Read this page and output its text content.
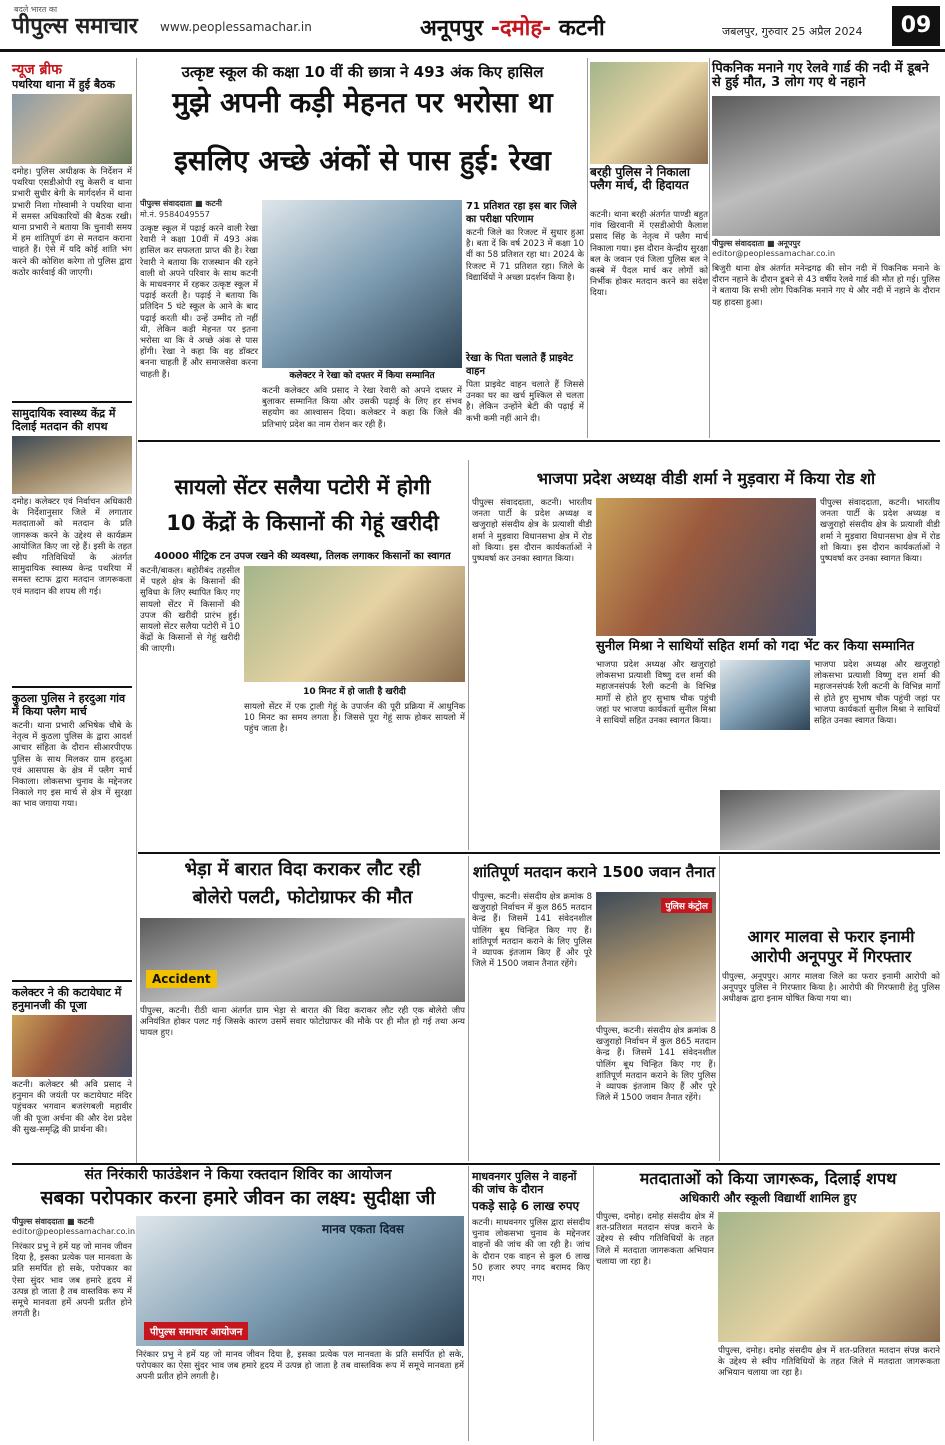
बदले भारत का
पीपुल्स समाचार www.peoplessamachar.in	अनूपपुर -दमोह- कटनी	जबलपुर, गुरुवार 25 अप्रैल 2024	09
न्यूज ब्रीफ
पथरिया थाना में हुई बैठक
दमोह। पुलिस अधीक्षक के निर्देशन में पथरिया एसडीओपी रघु केसरी व थाना प्रभारी सुधीर बेगी के मार्गदर्शन में थाना प्रभारी निशा गोस्वामी ने पथरिया थाना में समस्त अधिकारियों की बैठक रखी। थाना प्रभारी ने बताया कि चुनावी समय में हम शांतिपूर्ण ढंग से मतदान कराना चाहते हैं। ऐसे में यदि कोई शांति भंग करने की कोशिश करेगा तो पुलिस द्वारा कठोर कार्रवाई की जाएगी।
सामुदायिक स्वास्थ्य केंद्र में दिलाई मतदान की शपथ
दमोह। कलेक्टर एवं निर्वाचन अधिकारी के निर्देशानुसार जिले में लगातार मतदाताओं को मतदान के प्रति जागरूक करने के उद्देश्य से कार्यक्रम आयोजित किए जा रहे हैं। इसी के तहत स्वीप गतिविधियों के अंतर्गत सामुदायिक स्वास्थ्य केन्द्र पथरिया में समस्त स्टाफ द्वारा मतदान जागरूकता एवं मतदान की शपथ ली गई।
कुठला पुलिस ने हरदुआ गांव में किया फ्लैग मार्च
कटनी। थाना प्रभारी अभिषेक चौबे के नेतृत्व में कुठला पुलिस के द्वारा आदर्श आचार संहिता के दौरान सीआरपीएफ पुलिस के साथ मिलकर ग्राम हरदुआ एवं आसपास के क्षेत्र में फ्लैग मार्च निकाला। लोकसभा चुनाव के मद्देनजर निकाले गए इस मार्च से क्षेत्र में सुरक्षा का भाव जगाया गया।
कलेक्टर ने की कटायेघाट में हनुमानजी की पूजा
कटनी। कलेक्टर श्री अवि प्रसाद ने हनुमान की जयंती पर कटायेघाट मंदिर पहुंचकर भगवान बजरंगबली महावीर जी की पूजा अर्चना की और देश प्रदेश की सुख-समृद्धि की प्रार्थना की।
उत्कृष्ट स्कूल की कक्षा 10 वीं की छात्रा ने 493 अंक किए हासिल
मुझे अपनी कड़ी मेहनत पर भरोसा था
इसलिए अच्छे अंकों से पास हुई: रेखा
पीपुल्स संवाददाता ■ कटनी
मो.नं. 9584049557
उत्कृष्ट स्कूल में पढ़ाई करने वाली रेखा रेवारी ने कक्षा 10वीं में 493 अंक हासिल कर सफलता प्राप्त की है। रेखा रेवारी ने बताया कि राजस्थान की रहने वाली वो अपने परिवार के साथ कटनी के माधवनगर में रहकर उत्कृष्ट स्कूल में पढ़ाई करती है। पढ़ाई ने बताया कि प्रतिदिन 5 घंटे स्कूल के आने के बाद पढ़ाई करती थी। उन्हें उम्मीद तो नहीं थी, लेकिन कड़ी मेहनत पर इतना भरोसा था कि वे अच्छे अंक से पास होंगी। रेखा ने कहा कि वह डॉक्टर बनना चाहती हैं और समाजसेवा करना चाहती हैं।	कलेक्टर ने रेखा को दफ्तर में किया सम्मानित
कटनी कलेक्टर अवि प्रसाद ने रेखा रेवारी को अपने दफ्तर में बुलाकर सम्मानित किया और उसकी पढ़ाई के लिए हर संभव सहयोग का आश्वासन दिया। कलेक्टर ने कहा कि जिले की प्रतिभाएं प्रदेश का नाम रोशन कर रही हैं।
71 प्रतिशत रहा इस बार जिले का परीक्षा परिणाम
कटनी जिले का रिजल्ट में सुधार हुआ है। बता दें कि वर्ष 2023 में कक्षा 10 वीं का 58 प्रतिशत रहा था। 2024 के रिजल्ट में 71 प्रतिशत रहा। जिले के विद्यार्थियों ने अच्छा प्रदर्शन किया है।
रेखा के पिता चलाते हैं प्राइवेट वाहन
पिता प्राइवेट वाहन चलाते हैं जिससे उनका घर का खर्च मुश्किल से चलता है। लेकिन उन्होंने बेटी की पढ़ाई में कभी कमी नहीं आने दी।
बरही पुलिस ने निकाला फ्लैग मार्च, दी हिदायत
कटनी। थाना बरही अंतर्गत पाण्डी बहुत गांव खिरवानी में एसडीओपी कैलाश प्रसाद सिंह के नेतृत्व में फ्लैग मार्च निकाला गया। इस दौरान केन्द्रीय सुरक्षा बल के जवान एवं जिला पुलिस बल ने कस्बे में पैदल मार्च कर लोगों को निर्भीक होकर मतदान करने का संदेश दिया।
पिकनिक मनाने गए रेलवे गार्ड की नदी में डूबने से हुई मौत, 3 लोग गए थे नहाने
पीपुल्स संवाददाता ■ अनूपपुर
editor@peoplessamachar.co.in
बिजुरी थाना क्षेत्र अंतर्गत मनेन्द्रगढ़ की सोन नदी में पिकनिक मनाने के दौरान नहाने के दौरान डूबने से 43 वर्षीय रेलवे गार्ड की मौत हो गई। पुलिस ने बताया कि सभी लोग पिकनिक मनाने गए थे और नदी में नहाने के दौरान यह हादसा हुआ।
सायलो सेंटर सलैया पटोरी में होगी
10 केंद्रों के किसानों की गेहूं खरीदी
40000 मीट्रिक टन उपज रखने की व्यवस्था, तिलक लगाकर किसानों का स्वागत
कटनी/बाकल। बहोरीबंद तहसील में पहले क्षेत्र के किसानों की सुविधा के लिए स्थापित किए गए सायलो सेंटर में किसानों की उपज की खरीदी प्रारंभ हुई। सायलो सेंटर सलैया पटोरी में 10 केंद्रों के किसानों से गेहूं खरीदी की जाएगी।
10 मिनट में हो जाती है खरीदी
सायलो सेंटर में एक ट्राली गेहूं के उपार्जन की पूरी प्रक्रिया में आधुनिक 10 मिनट का समय लगता है। जिससे पूरा गेहूं साफ होकर सायलो में पहुंच जाता है।
भाजपा प्रदेश अध्यक्ष वीडी शर्मा ने मुड़वारा में किया रोड शो
पीपुल्स संवाददाता, कटनी। भारतीय जनता पार्टी के प्रदेश अध्यक्ष व खजुराहो संसदीय क्षेत्र के प्रत्याशी वीडी शर्मा ने मुड़वारा विधानसभा क्षेत्र में रोड शो किया। इस दौरान कार्यकर्ताओं ने पुष्पवर्षा कर उनका स्वागत किया।
पीपुल्स संवाददाता, कटनी। भारतीय जनता पार्टी के प्रदेश अध्यक्ष व खजुराहो संसदीय क्षेत्र के प्रत्याशी वीडी शर्मा ने मुड़वारा विधानसभा क्षेत्र में रोड शो किया। इस दौरान कार्यकर्ताओं ने पुष्पवर्षा कर उनका स्वागत किया।
सुनील मिश्रा ने साथियों सहित शर्मा को गदा भेंट कर किया सम्मानित
भाजपा प्रदेश अध्यक्ष और खजुराहो लोकसभा प्रत्याशी विष्णु दत्त शर्मा की महाजनसंपर्क रैली कटनी के विभिन्न मार्गों से होते हुए सुभाष चौक पहुंची जहां पर भाजपा कार्यकर्ता सुनील मिश्रा ने साथियों सहित उनका स्वागत किया।
भाजपा प्रदेश अध्यक्ष और खजुराहो लोकसभा प्रत्याशी विष्णु दत्त शर्मा की महाजनसंपर्क रैली कटनी के विभिन्न मार्गों से होते हुए सुभाष चौक पहुंची जहां पर भाजपा कार्यकर्ता सुनील मिश्रा ने साथियों सहित उनका स्वागत किया।
भेड़ा में बारात विदा कराकर लौट रही
बोलेरो पलटी, फोटोग्राफर की मौत
Accident
पीपुल्स, कटनी। रीठी थाना अंतर्गत ग्राम भेड़ा से बारात की विदा कराकर लौट रही एक बोलेरो जीप अनियंत्रित होकर पलट गई जिसके कारण उसमें सवार फोटोग्राफर की मौके पर ही मौत हो गई तथा अन्य घायल हुए।
शांतिपूर्ण मतदान कराने 1500 जवान तैनात
पीपुल्स, कटनी। संसदीय क्षेत्र क्रमांक 8 खजुराहो निर्वाचन में कुल 865 मतदान केन्द्र हैं। जिसमें 141 संवेदनशील पोलिंग बूथ चिन्हित किए गए हैं। शांतिपूर्ण मतदान कराने के लिए पुलिस ने व्यापक इंतजाम किए हैं और पूरे जिले में 1500 जवान तैनात रहेंगे।
पुलिस कंट्रोल
पीपुल्स, कटनी। संसदीय क्षेत्र क्रमांक 8 खजुराहो निर्वाचन में कुल 865 मतदान केन्द्र हैं। जिसमें 141 संवेदनशील पोलिंग बूथ चिन्हित किए गए हैं। शांतिपूर्ण मतदान कराने के लिए पुलिस ने व्यापक इंतजाम किए हैं और पूरे जिले में 1500 जवान तैनात रहेंगे।
आगर मालवा से फरार इनामी
आरोपी अनूपपुर में गिरफ्तार
पीपुल्स, अनूपपुर। आगर मालवा जिले का फरार इनामी आरोपी को अनूपपुर पुलिस ने गिरफ्तार किया है। आरोपी की गिरफ्तारी हेतु पुलिस अधीक्षक द्वारा इनाम घोषित किया गया था।
संत निरंकारी फाउंडेशन ने किया रक्तदान शिविर का आयोजन
सबका परोपकार करना हमारे जीवन का लक्ष्य: सुदीक्षा जी
पीपुल्स संवाददाता ■ कटनी
editor@peoplessamachar.co.in
निरंकार प्रभु ने हमें यह जो मानव जीवन दिया है, इसका प्रत्येक पल मानवता के प्रति समर्पित हो सके, परोपकार का ऐसा सुंदर भाव जब हमारे हृदय में उत्पन्न हो जाता है तब वास्तविक रूप में समूचे मानवता हमें अपनी प्रतीत होने लगती है।
मानव एकता दिवस
पीपुल्स समाचार आयोजन
निरंकार प्रभु ने हमें यह जो मानव जीवन दिया है, इसका प्रत्येक पल मानवता के प्रति समर्पित हो सके, परोपकार का ऐसा सुंदर भाव जब हमारे हृदय में उत्पन्न हो जाता है तब वास्तविक रूप में समूचे मानवता हमें अपनी प्रतीत होने लगती है।
माधवनगर पुलिस ने वाहनों की जांच के दौरान
पकड़े साढ़े 6 लाख रुपए
कटनी। माधवनगर पुलिस द्वारा संसदीय चुनाव लोकसभा चुनाव के मद्देनजर वाहनों की जांच की जा रही है। जांच के दौरान एक वाहन से कुल 6 लाख 50 हजार रुपए नगद बरामद किए गए।
मतदाताओं को किया जागरूक, दिलाई शपथ
अधिकारी और स्कूली विद्यार्थी शामिल हुए
पीपुल्स, दमोह। दमोह संसदीय क्षेत्र में शत-प्रतिशत मतदान संपन्न कराने के उद्देश्य से स्वीप गतिविधियों के तहत जिले में मतदाता जागरूकता अभियान चलाया जा रहा है।
पीपुल्स, दमोह। दमोह संसदीय क्षेत्र में शत-प्रतिशत मतदान संपन्न कराने के उद्देश्य से स्वीप गतिविधियों के तहत जिले में मतदाता जागरूकता अभियान चलाया जा रहा है।
